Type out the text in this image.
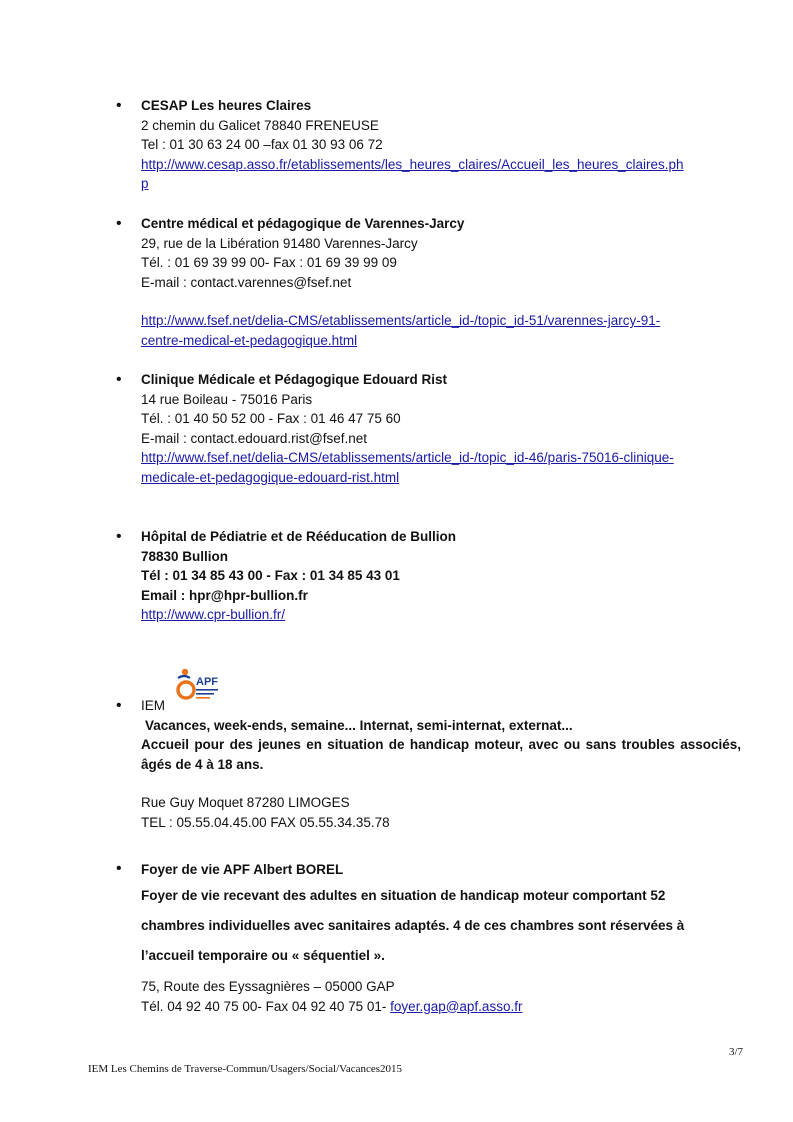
•	CESAP Les heures Claires
2 chemin du Galicet 78840 FRENEUSE
Tel : 01 30 63 24 00 –fax 01 30 93 06 72
http://www.cesap.asso.fr/etablissements/les_heures_claires/Accueil_les_heures_claires.ph
p
•	Centre médical et pédagogique de Varennes-Jarcy
29, rue de la Libération 91480 Varennes-Jarcy
Tél. : 01 69 39 99 00- Fax : 01 69 39 99 09
E-mail : contact.varennes@fsef.net
http://www.fsef.net/delia-CMS/etablissements/article_id-/topic_id-51/varennes-jarcy-91-
centre-medical-et-pedagogique.html
•	Clinique Médicale et Pédagogique Edouard Rist
14 rue Boileau - 75016 Paris
Tél. : 01 40 50 52 00 - Fax : 01 46 47 75 60
E-mail : contact.edouard.rist@fsef.net
http://www.fsef.net/delia-CMS/etablissements/article_id-/topic_id-46/paris-75016-clinique-
medicale-et-pedagogique-edouard-rist.html
•	Hôpital de Pédiatrie et de Rééducation de Bullion
78830 Bullion
Tél : 01 34 85 43 00 - Fax : 01 34 85 43 01
Email : hpr@hpr-bullion.fr
http://www.cpr-bullion.fr/
APF
•	IEM
Vacances, week-ends, semaine... Internat, semi-internat, externat...
Accueil pour des jeunes en situation de handicap moteur, avec ou sans troubles associés, âgés de 4 à 18 ans.
Rue Guy Moquet 87280 LIMOGES
TEL : 05.55.04.45.00 FAX 05.55.34.35.78
•	Foyer de vie APF Albert BOREL
Foyer de vie recevant des adultes en situation de handicap moteur comportant 52
chambres individuelles avec sanitaires adaptés. 4 de ces chambres sont réservées à
l’accueil temporaire ou « séquentiel ».
75, Route des Eyssagnières – 05000 GAP
Tél. 04 92 40 75 00- Fax 04 92 40 75 01- foyer.gap@apf.asso.fr
3/7
IEM Les Chemins de Traverse-Commun/Usagers/Social/Vacances2015
